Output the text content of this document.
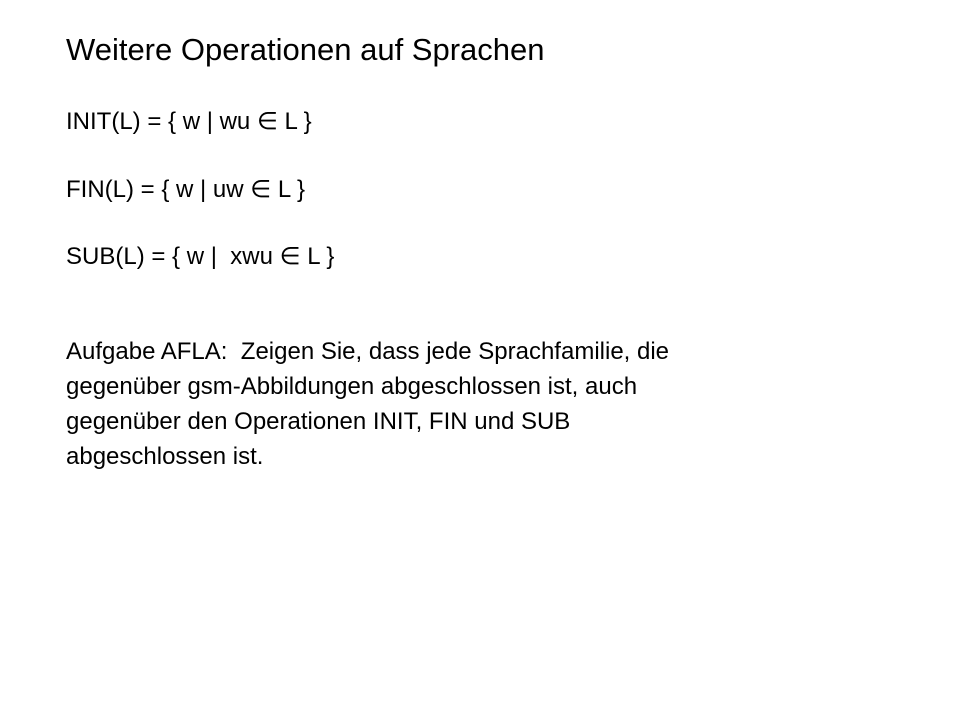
Weitere Operationen auf Sprachen
INIT(L) = { w | wu ∈ L }
FIN(L) = { w | uw ∈ L }
SUB(L) = { w |  xwu ∈ L }
Aufgabe AFLA:  Zeigen Sie, dass jede Sprachfamilie, die
gegenüber gsm-Abbildungen abgeschlossen ist, auch
gegenüber den Operationen INIT, FIN und SUB
abgeschlossen ist.
